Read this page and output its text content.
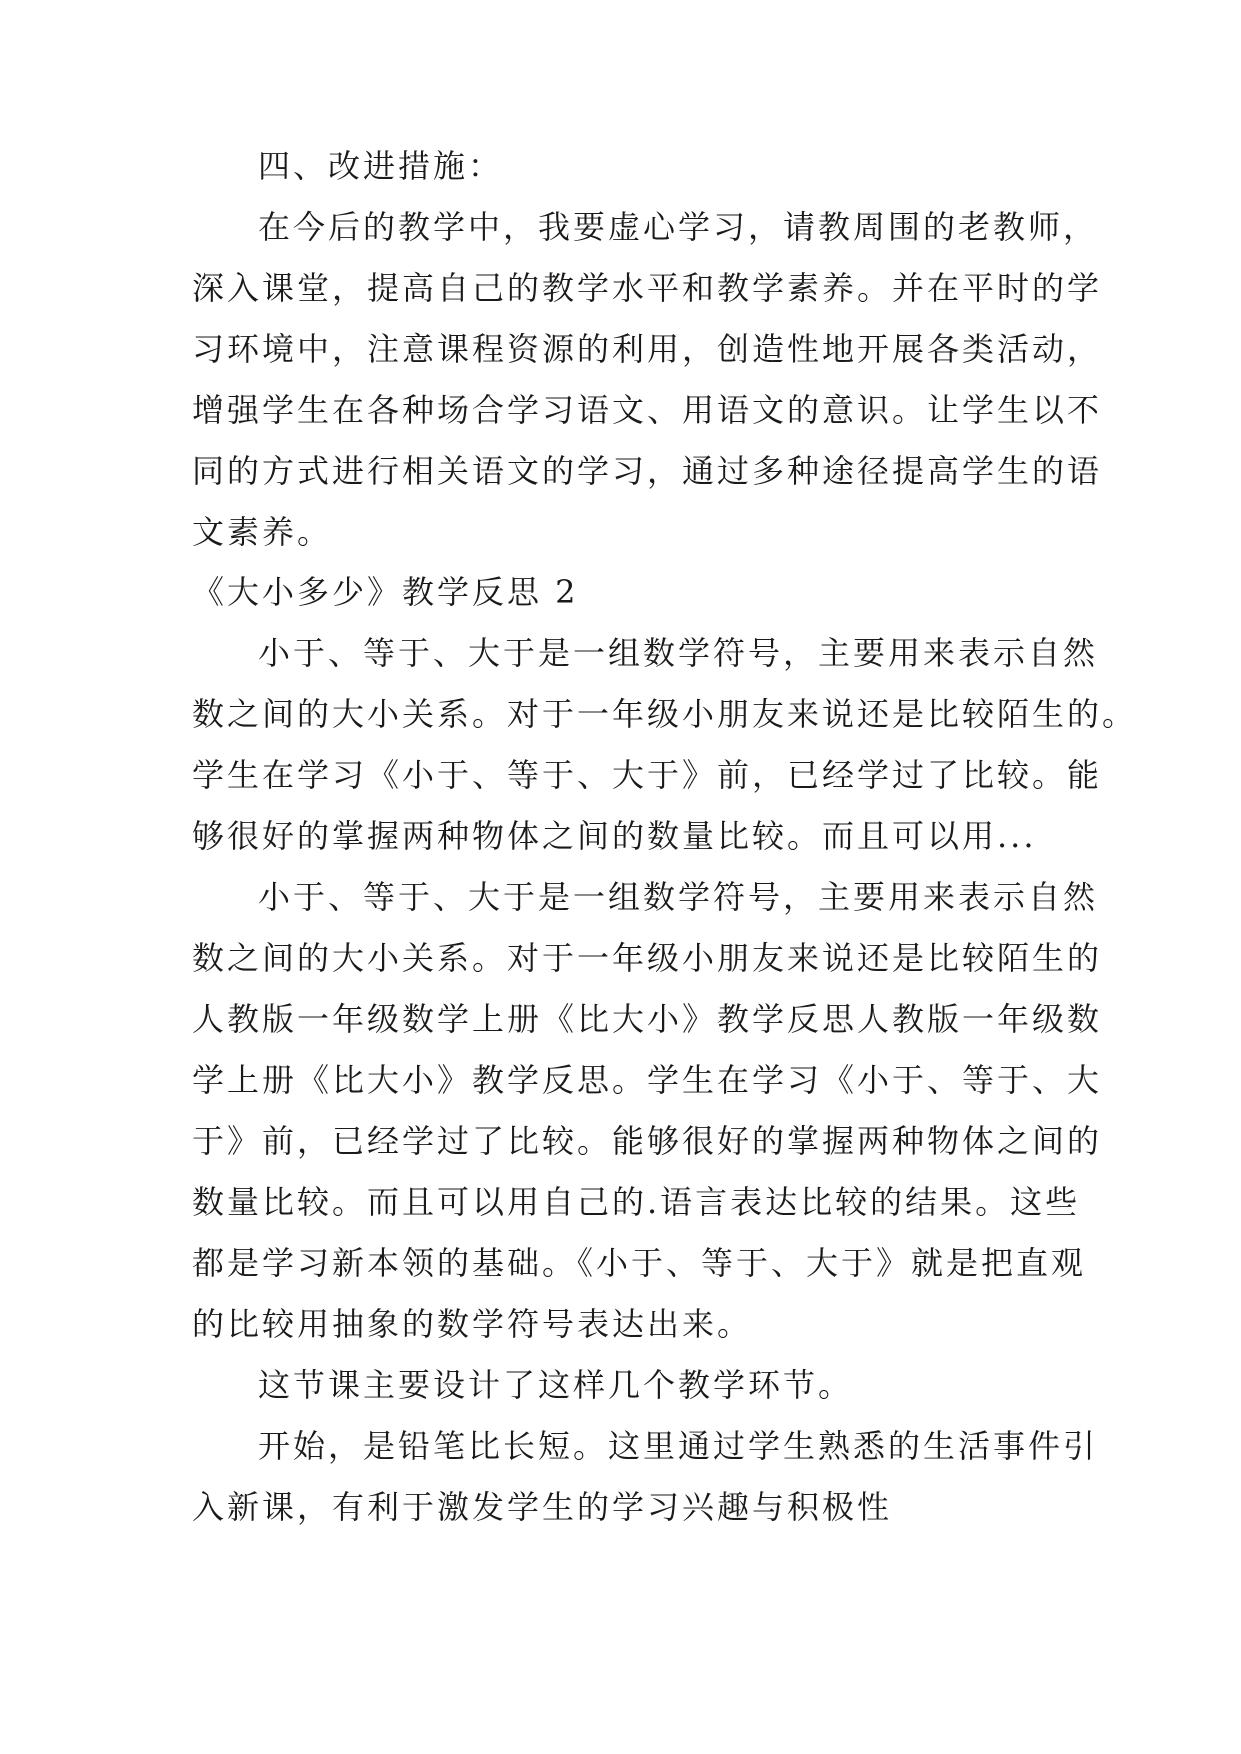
四、改进措施：

在今后的教学中，我要虚心学习，请教周围的老教师，
深入课堂，提高自己的教学水平和教学素养。并在平时的学
习环境中，注意课程资源的利用，创造性地开展各类活动，
增强学生在各种场合学习语文、用语文的意识。让学生以不
同的方式进行相关语文的学习，通过多种途径提高学生的语
文素养。

《大小多少》教学反思 2

小于、等于、大于是一组数学符号，主要用来表示自然
数之间的大小关系。对于一年级小朋友来说还是比较陌生的。
学生在学习《小于、等于、大于》前，已经学过了比较。能
够很好的掌握两种物体之间的数量比较。而且可以用...
小于、等于、大于是一组数学符号，主要用来表示自然
数之间的大小关系。对于一年级小朋友来说还是比较陌生的
人教版一年级数学上册《比大小》教学反思人教版一年级数
学上册《比大小》教学反思。学生在学习《小于、等于、大
于》前，已经学过了比较。能够很好的掌握两种物体之间的
数量比较。而且可以用自己的.语言表达比较的结果。这些
都是学习新本领的基础。《小于、等于、大于》就是把直观
的比较用抽象的数学符号表达出来。
这节课主要设计了这样几个教学环节。
开始，是铅笔比长短。这里通过学生熟悉的生活事件引
入新课，有利于激发学生的学习兴趣与积极性
